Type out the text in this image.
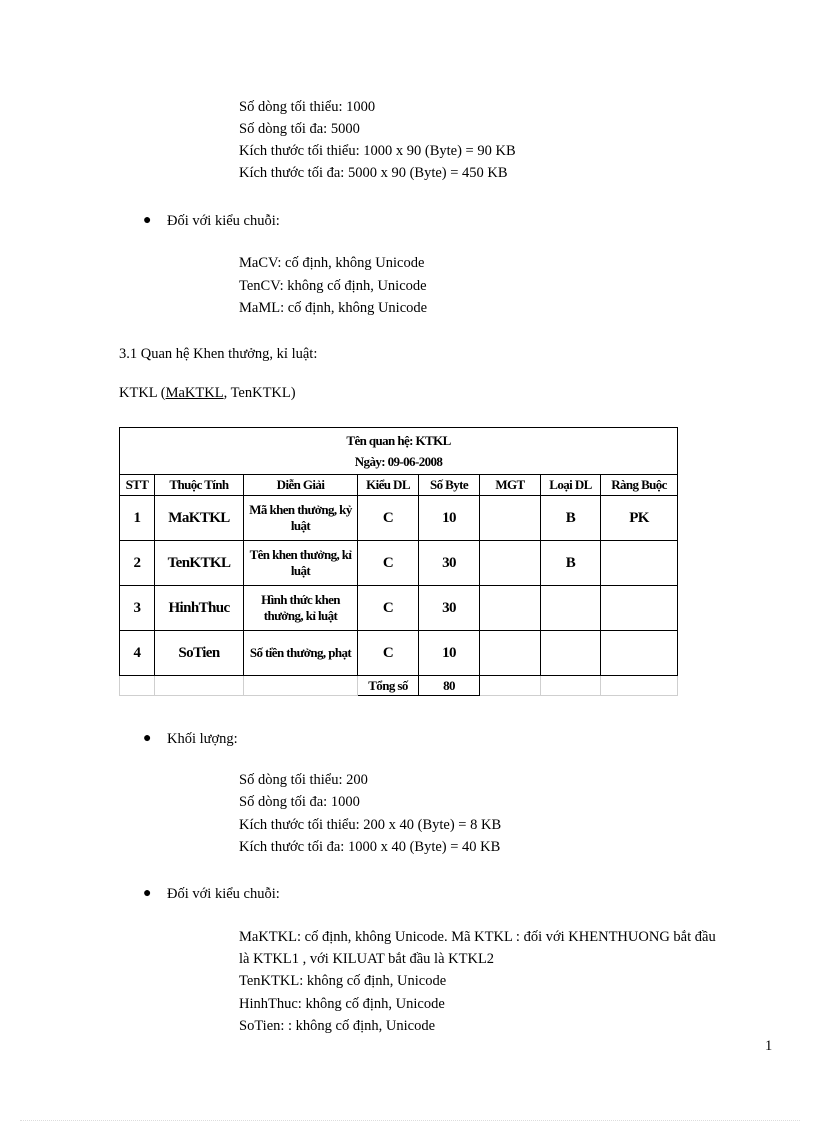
Số dòng tối thiểu: 1000
Số dòng tối đa: 5000
Kích thước tối thiểu: 1000 x 90 (Byte) = 90 KB
Kích thước tối đa: 5000 x 90 (Byte) = 450 KB
● Đối với kiểu chuỗi:
MaCV: cố định, không Unicode
TenCV: không cố định, Unicode
MaML: cố định, không Unicode
3.1 Quan hệ Khen thưởng, kỉ luật:
KTKL (MaKTKL, TenKTKL)
Tên quan hệ: KTKL
Ngày: 09-06-2008							

STT	Thuộc Tính	Diễn Giải	Kiểu DL	Số Byte	MGT	Loại DL	Ràng Buộc
1	MaKTKL	Mã khen thưởng, kỷ luật	C	10		B	PK
2	TenKTKL	Tên khen thưởng, kỉ luật	C	30		B	
3	HinhThuc	Hình thức khen thưởng, kỉ luật	C	30			
4	SoTien	Số tiền thưởng, phạt	C	10			
			Tổng số	80			
● Khối lượng:
Số dòng tối thiểu: 200
Số dòng tối đa: 1000
Kích thước tối thiểu: 200 x 40 (Byte) = 8 KB
Kích thước tối đa: 1000 x 40 (Byte) = 40 KB
● Đối với kiểu chuỗi:
MaKTKL: cố định, không Unicode. Mã KTKL : đối với KHENTHUONG bắt đầu
là KTKL1 , với KILUAT bắt đầu là KTKL2
TenKTKL: không cố định, Unicode
HinhThuc: không cố định, Unicode
SoTien: : không cố định, Unicode
1
